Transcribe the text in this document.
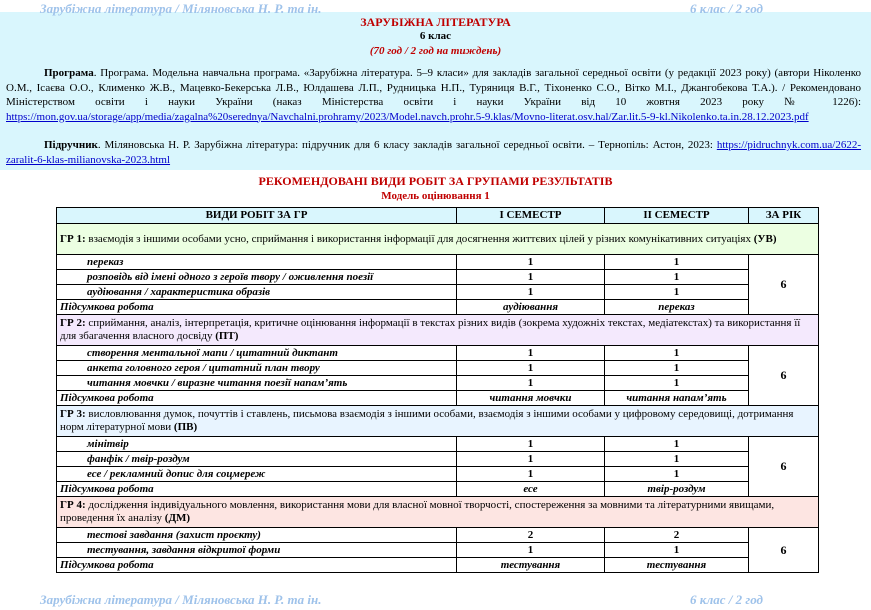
Зарубіжна література / Міляновська Н. Р. та ін.	6 клас / 2 год
ЗАРУБІЖНА ЛІТЕРАТУРА
6 клас
(70 год / 2 год на тиждень)
Програма. Програма. Модельна навчальна програма. «Зарубіжна література. 5–9 класи» для закладів загальної середньої освіти (у редакції 2023 року) (автори Ніколенко О.М., Ісаєва О.О., Клименко Ж.В., Мацевко-Бекерська Л.В., Юлдашева Л.П., Рудницька Н.П., Туряниця В.Г., Тіхоненко С.О., Вітко М.І., Джангобекова Т.А.). / Рекомендовано Міністерством освіти і науки України (наказ Міністерства освіти і науки України від 10 жовтня 2023 року № 1226): https://mon.gov.ua/storage/app/media/zagalna%20serednya/Navchalni.prohramy/2023/Model.navch.prohr.5-9.klas/Movno-literat.osv.hal/Zar.lit.5-9-kl.Nikolenko.ta.in.28.12.2023.pdf
Підручник. Міляновська Н. Р. Зарубіжна література: підручник для 6 класу закладів загальної середньої освіти. – Тернопіль: Астон, 2023: https://pidruchnyk.com.ua/2622-zaralit-6-klas-milianovska-2023.html
РЕКОМЕНДОВАНІ ВИДИ РОБІТ ЗА ГРУПАМИ РЕЗУЛЬТАТІВ
Модель оцінювання 1
ВИДИ РОБІТ ЗА ГР	І СЕМЕСТР	ІІ СЕМЕСТР	ЗА РІК
ГР 1: взаємодія з іншими особами усно, сприймання і використання інформації для досягнення життєвих цілей у різних комунікативних ситуаціях (УВ)			
переказ	1	1	6
розповідь від імені одного з героїв твору / оживлення поезії	1	1	
аудіювання / характеристика образів	1	1	
Підсумкова робота	аудіювання	переказ	
ГР 2: сприймання, аналіз, інтерпретація, критичне оцінювання інформації в текстах різних видів (зокрема художніх текстах, медіатекстах) та використання її для збагачення власного досвіду (ПТ)			
створення ментальної мапи / цитатний диктант	1	1	6
анкета головного героя / цитатний план твору	1	1	
читання мовчки / виразне читання поезії напам’ять	1	1	
Підсумкова робота	читання мовчки	читання напам’ять	
ГР 3: висловлювання думок, почуттів і ставлень, письмова взаємодія з іншими особами, взаємодія з іншими особами у цифровому середовищі, дотримання норм літературної мови (ПВ)			
мінітвір	1	1	6
фанфік / твір-роздум	1	1	
есе / рекламний допис для соцмереж	1	1	
Підсумкова робота	есе	твір-роздум	
ГР 4: дослідження індивідуального мовлення, використання мови для власної мовної творчості, спостереження за мовними та літературними явищами, проведення їх аналізу (ДМ)			
тестові завдання (захист проєкту)	2	2	6
тестування, завдання відкритої форми	1	1	
Підсумкова робота	тестування	тестування	
Зарубіжна література / Міляновська Н. Р. та ін.	6 клас / 2 год
